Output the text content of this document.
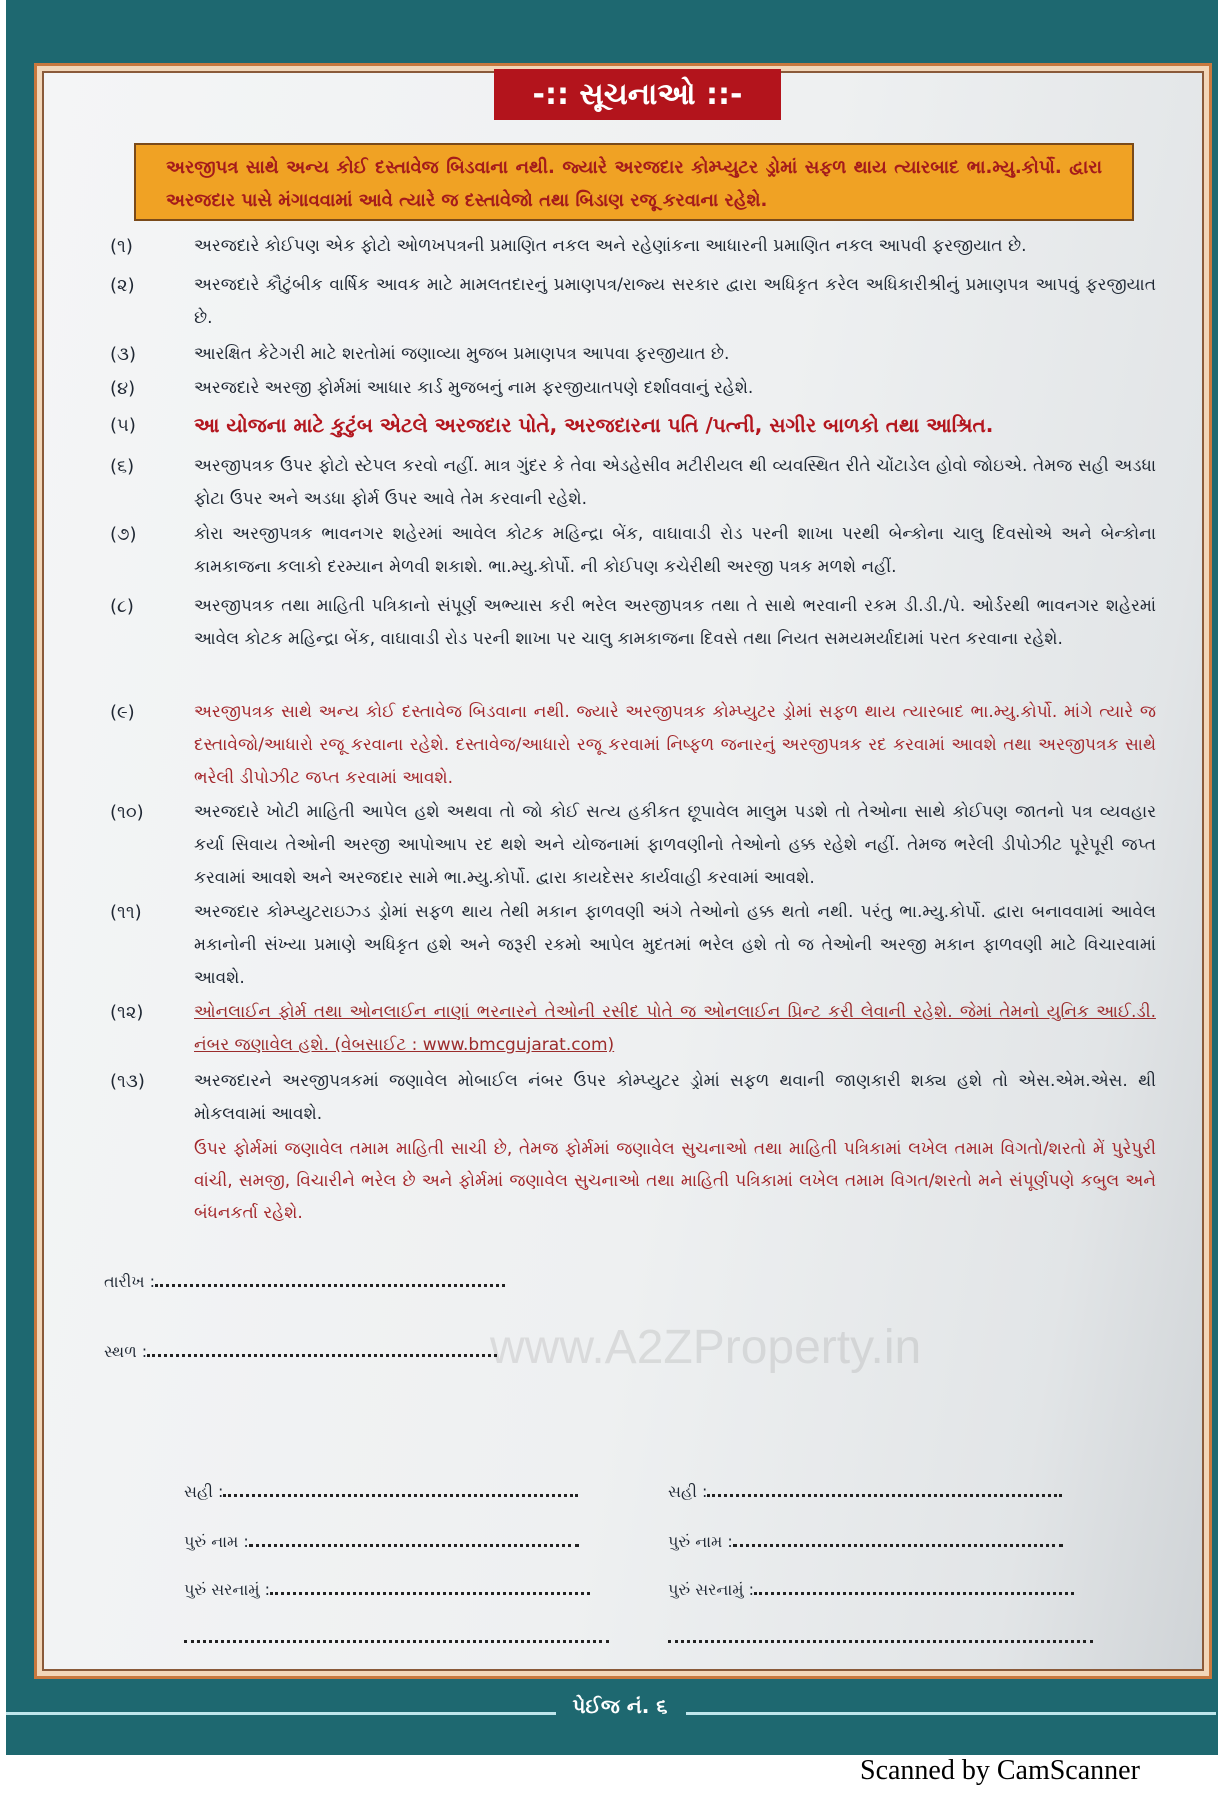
-:: સૂચનાઓ ::-
અરજીપત્ર સાથે અન્ય કોઈ દસ્તાવેજ બિડવાના નથી. જ્યારે અરજદાર કોમ્પ્યુટર ડ્રોમાં સફળ થાય ત્યારબાદ ભા.મ્યુ.કોર્પો. દ્વારા અરજદાર પાસે મંગાવવામાં આવે ત્યારે જ દસ્તાવેજો તથા બિડાણ રજૂ કરવાના રહેશે.
(૧)	અરજદારે કોઈપણ એક ફોટો ઓળખપત્રની પ્રમાણિત નકલ અને રહેણાંકના આધારની પ્રમાણિત નકલ આપવી ફરજીયાત છે.
(૨)	અરજદારે કૌટુંબીક વાર્ષિક આવક માટે મામલતદારનું પ્રમાણપત્ર/રાજ્ય સરકાર દ્વારા અધિકૃત કરેલ અધિકારીશ્રીનું પ્રમાણપત્ર આપવું ફરજીયાત છે.
(૩)	આરક્ષિત કેટેગરી માટે શરતોમાં જણાવ્યા મુજબ પ્રમાણપત્ર આપવા ફરજીયાત છે.
(૪)	અરજદારે અરજી ફોર્મમાં આધાર કાર્ડ મુજબનું નામ ફરજીયાતપણે દર્શાવવાનું રહેશે.
(૫)	આ યોજના માટે કુટુંબ એટલે અરજદાર પોતે, અરજદારના પતિ /પત્ની, સગીર બાળકો તથા આશ્રિત.
(૬)	અરજીપત્રક ઉપર ફોટો સ્ટેપલ કરવો નહીં. માત્ર ગુંદર કે તેવા એડહેસીવ મટીરીયલ થી વ્યવસ્થિત રીતે ચોંટાડેલ હોવો જોઇએ. તેમજ સહી અડધા ફોટા ઉપર અને અડધા ફોર્મ ઉપર આવે તેમ કરવાની રહેશે.
(૭)	કોરા અરજીપત્રક ભાવનગર શહેરમાં આવેલ કોટક મહિન્દ્રા બેંક, વાઘાવાડી રોડ પરની શાખા પરથી બેન્કોના ચાલુ દિવસોએ અને બેન્કોના કામકાજના કલાકો દરમ્યાન મેળવી શકાશે. ભા.મ્યુ.કોર્પો. ની કોઈપણ કચેરીથી અરજી પત્રક મળશે નહીં.
(૮)	અરજીપત્રક તથા માહિતી પત્રિકાનો સંપૂર્ણ અભ્યાસ કરી ભરેલ અરજીપત્રક તથા તે સાથે ભરવાની રકમ ડી.ડી./પે. ઓર્ડરથી ભાવનગર શહેરમાં આવેલ કોટક મહિન્દ્રા બેંક, વાઘાવાડી રોડ પરની શાખા પર ચાલુ કામકાજના દિવસે તથા નિયત સમયમર્યાદામાં પરત કરવાના રહેશે.
(૯)	અરજીપત્રક સાથે અન્ય કોઈ દસ્તાવેજ બિડવાના નથી. જ્યારે અરજીપત્રક કોમ્પ્યુટર ડ્રોમાં સફળ થાય ત્યારબાદ ભા.મ્યુ.કોર્પો. માંગે ત્યારે જ દસ્તાવેજો/આધારો રજૂ કરવાના રહેશે. દસ્તાવેજ/આધારો રજૂ કરવામાં નિષ્ફળ જનારનું અરજીપત્રક રદ કરવામાં આવશે તથા અરજીપત્રક સાથે ભરેલી ડીપોઝીટ જપ્ત કરવામાં આવશે.
(૧૦)	અરજદારે ખોટી માહિતી આપેલ હશે અથવા તો જો કોઈ સત્ય હકીકત છૂપાવેલ માલુમ પડશે તો તેઓના સાથે કોઈપણ જાતનો પત્ર વ્યવહાર કર્યા સિવાય તેઓની અરજી આપોઆપ રદ થશે અને યોજનામાં ફાળવણીનો તેઓનો હક્ક રહેશે નહીં. તેમજ ભરેલી ડીપોઝીટ પૂરેપૂરી જપ્ત કરવામાં આવશે અને અરજદાર સામે ભા.મ્યુ.કોર્પો. દ્વારા કાયદેસર કાર્યવાહી કરવામાં આવશે.
(૧૧)	અરજદાર કોમ્પ્યુટરાઇઝ્ડ ડ્રોમાં સફળ થાય તેથી મકાન ફાળવણી અંગે તેઓનો હક્ક થતો નથી. પરંતુ ભા.મ્યુ.કોર્પો. દ્વારા બનાવવામાં આવેલ મકાનોની સંખ્યા પ્રમાણે અધિકૃત હશે અને જરૂરી રકમો આપેલ મુદતમાં ભરેલ હશે તો જ તેઓની અરજી મકાન ફાળવણી માટે વિચારવામાં આવશે.
(૧૨)	ઓનલાઈન ફોર્મ તથા ઓનલાઈન નાણાં ભરનારને તેઓની રસીદ પોતે જ ઓનલાઈન પ્રિન્ટ કરી લેવાની રહેશે. જેમાં તેમનો યુનિક આઈ.ડી. નંબર જણાવેલ હશે. (વેબસાઈટ : www.bmcgujarat.com)
(૧૩)	અરજદારને અરજીપત્રકમાં જણાવેલ મોબાઈલ નંબર ઉપર કોમ્પ્યુટર ડ્રોમાં સફળ થવાની જાણકારી શક્ય હશે તો એસ.એમ.એસ. થી મોકલવામાં આવશે.
ઉપર ફોર્મમાં જણાવેલ તમામ માહિતી સાચી છે, તેમજ ફોર્મમાં જણાવેલ સુચનાઓ તથા માહિતી પત્રિકામાં લખેલ તમામ વિગતો/શરતો મેં પુરેપુરી વાંચી, સમજી, વિચારીને ભરેલ છે અને ફોર્મમાં જણાવેલ સુચનાઓ તથા માહિતી પત્રિકામાં લખેલ તમામ વિગત/શરતો મને સંપૂર્ણપણે કબુલ અને બંધનકર્તા રહેશે.
www.A2ZProperty.in
તારીખ :
સ્થળ :
સહી :
પુરું નામ :
પુરું સરનામું :
સહી :
પુરું નામ :
પુરું સરનામું :
પેઈજ નં. ૬
Scanned by CamScanner
